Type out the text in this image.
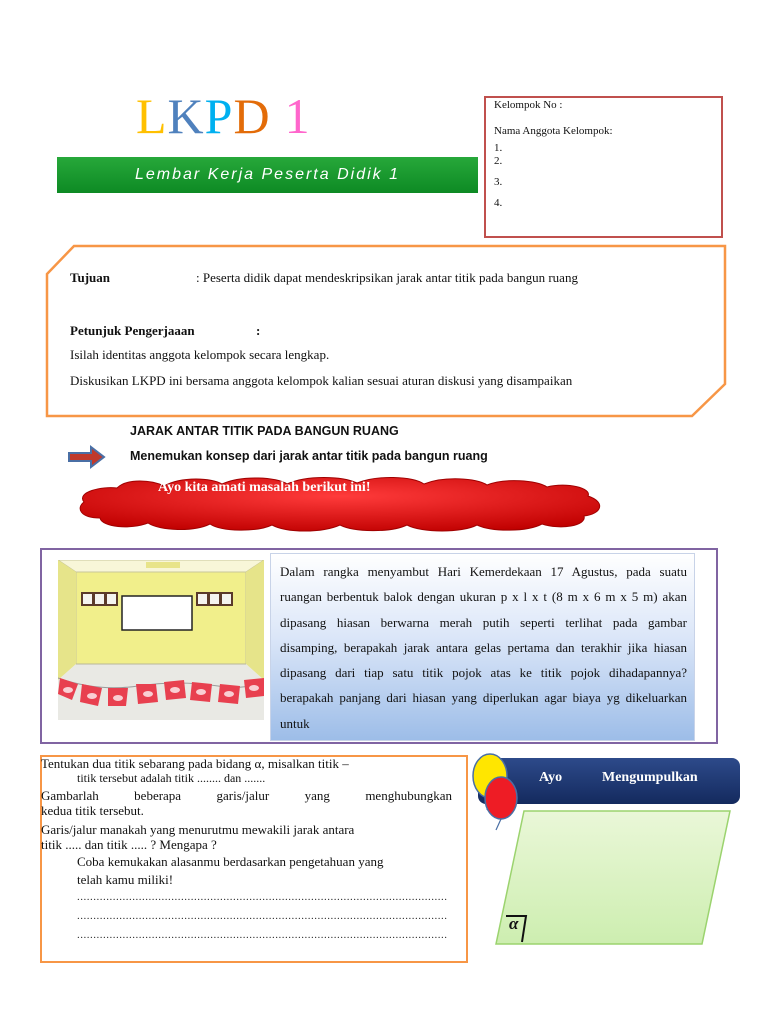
LKPD 1
Lembar Kerja Peserta Didik 1
Kelompok No :
Nama Anggota Kelompok:
1.
2.
3.
4.
Tujuan	: Peserta didik dapat mendeskripsikan jarak antar titik pada bangun ruang
Petunjuk Pengerjaaan	:
Isilah identitas anggota kelompok secara lengkap.
Diskusikan LKPD ini bersama anggota kelompok kalian sesuai aturan diskusi yang disampaikan
JARAK ANTAR TITIK PADA BANGUN RUANG
Menemukan konsep dari jarak antar titik pada bangun ruang
Ayo kita amati masalah berikut ini!
Dalam rangka menyambut Hari Kemerdekaan 17 Agustus, pada suatu ruangan berbentuk balok dengan ukuran p x l x t (8 m x 6 m x 5 m) akan dipasang hiasan berwarna merah putih seperti terlihat pada gambar disamping, berapakah jarak antara gelas pertama dan terakhir jika hiasan dipasang dari tiap satu titik pojok atas ke titik pojok dihadapannya? berapakah panjang dari hiasan yang diperlukan agar biaya yg dikeluarkan untuk
Tentukan dua titik sebarang pada bidang α, misalkan titik –
titik tersebut adalah titik ........ dan .......
Gambarlah	beberapa	garis/jalur	yang	menghubungkan
kedua titik tersebut.
Garis/jalur manakah yang menurutmu mewakili jarak antara
titik ..... dan titik ..... ? Mengapa ?
Coba kemukakan alasanmu berdasarkan pengetahuan yang
telah kamu miliki!
..................................................................................................................
..................................................................................................................
..................................................................................................................
Ayo	Mengumpulkan
α
